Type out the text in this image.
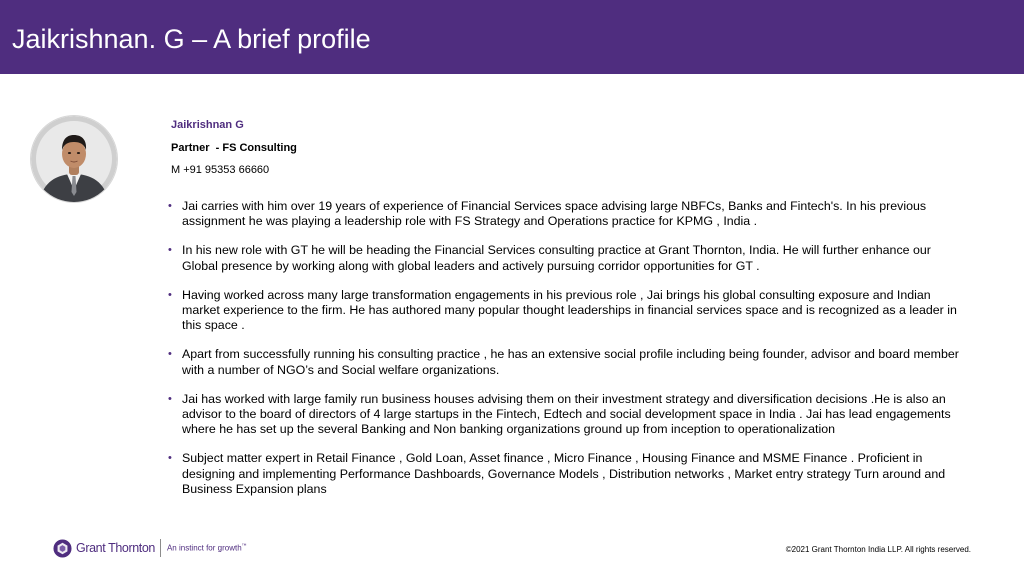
Jaikrishnan. G – A brief profile
Jaikrishnan G
Partner  - FS Consulting
M +91 95353 66660
• Jai carries with him over 19 years of experience of Financial Services space advising large NBFCs, Banks and Fintech's. In his previous assignment he was playing a leadership role with FS Strategy and Operations practice for KPMG , India .
• In his new role with GT he will be heading the Financial Services consulting practice at Grant Thornton, India. He will further enhance our Global presence by working along with global leaders and actively pursuing corridor opportunities for GT .
• Having worked across many large transformation engagements in his previous role , Jai brings his global consulting exposure and Indian market experience to the firm. He has authored many popular thought leaderships in financial services space and is recognized as a leader in this space .
• Apart from successfully running his consulting practice , he has an extensive social profile including being founder, advisor and board member with a number of NGO’s and Social welfare organizations.
• Jai has worked with large family run business houses advising them on their investment strategy and diversification decisions .He is also an advisor to the board of directors of 4 large startups in the Fintech, Edtech and social development space in India . Jai has lead engagements where he has set up the several Banking and Non banking organizations ground up from inception to operationalization
• Subject matter expert in Retail Finance , Gold Loan, Asset finance , Micro Finance , Housing Finance and MSME Finance . Proficient in designing and implementing Performance Dashboards, Governance Models , Distribution networks , Market entry strategy Turn around and Business Expansion plans
Grant Thornton An instinct for growth™	©2021 Grant Thornton India LLP. All rights reserved.
